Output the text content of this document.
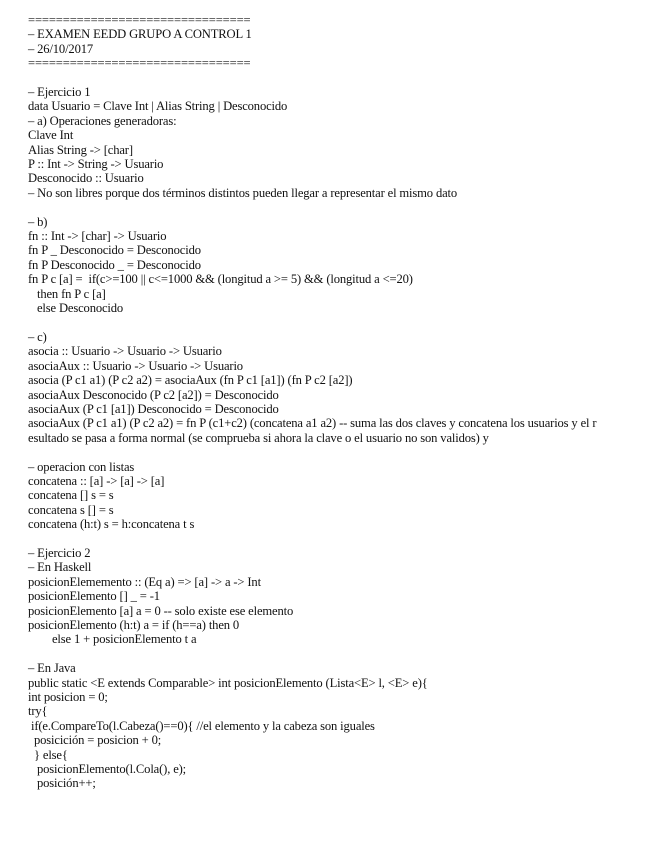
================================
– EXAMEN EEDD GRUPO A CONTROL 1
– 26/10/2017
================================
– Ejercicio 1
data Usuario = Clave Int | Alias String | Desconocido
– a) Operaciones generadoras:
Clave Int
Alias String -> [char]
P :: Int -> String -> Usuario
Desconocido :: Usuario
– No son libres porque dos términos distintos pueden llegar a representar el mismo dato
– b)
fn :: Int -> [char] -> Usuario
fn P _ Desconocido = Desconocido
fn P Desconocido _ = Desconocido
fn P c [a] =  if(c>=100 || c<=1000 && (longitud a >= 5) && (longitud a <=20)
then fn P c [a]
else Desconocido
– c)
asocia :: Usuario -> Usuario -> Usuario
asociaAux :: Usuario -> Usuario -> Usuario
asocia (P c1 a1) (P c2 a2) = asociaAux (fn P c1 [a1]) (fn P c2 [a2])
asociaAux Desconocido (P c2 [a2]) = Desconocido
asociaAux (P c1 [a1]) Desconocido = Desconocido
asociaAux (P c1 a1) (P c2 a2) = fn P (c1+c2) (concatena a1 a2) -- suma las dos claves y concatena los usuarios y el r
esultado se pasa a forma normal (se comprueba si ahora la clave o el usuario no son validos) y
– operacion con listas
concatena :: [a] -> [a] -> [a]
concatena [] s = s
concatena s [] = s
concatena (h:t) s = h:concatena t s
– Ejercicio 2
– En Haskell
posicionElememento :: (Eq a) => [a] -> a -> Int
posicionElemento [] _ = -1
posicionElemento [a] a = 0 -- solo existe ese elemento
posicionElemento (h:t) a = if (h==a) then 0
else 1 + posicionElemento t a
– En Java
public static <E extends Comparable> int posicionElemento (Lista<E> l, <E> e){
int posicion = 0;
try{
if(e.CompareTo(l.Cabeza()==0){ //el elemento y la cabeza son iguales
posicición = posicion + 0;
} else{
posicionElemento(l.Cola(), e);
posición++;
